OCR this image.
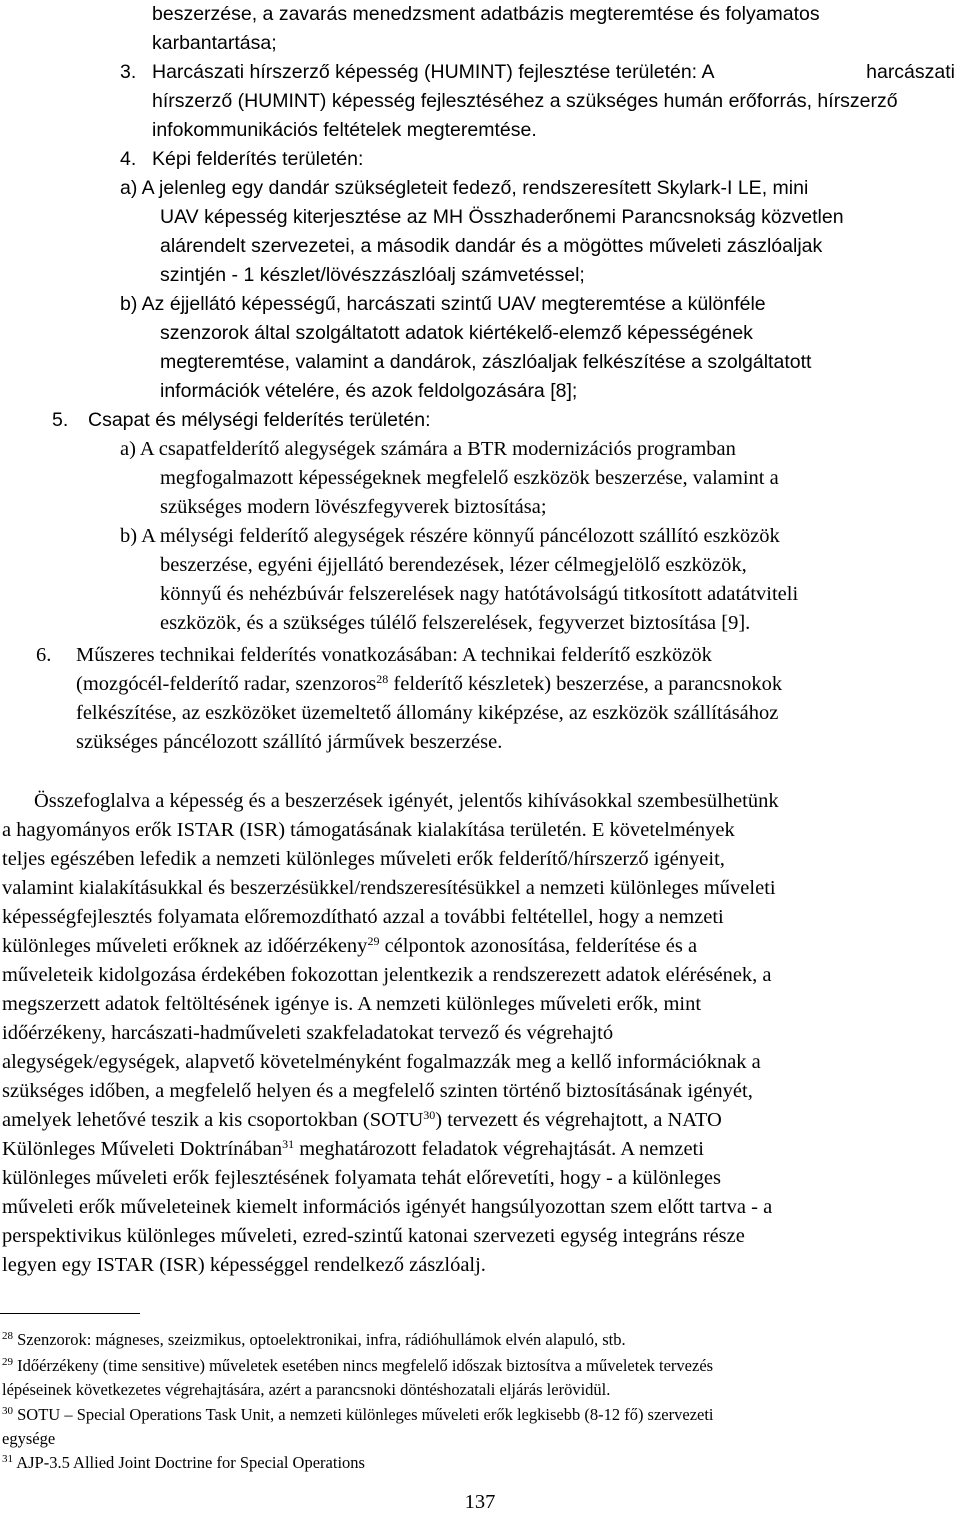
beszerzése, a zavarás menedzsment adatbázis megteremtése és folyamatos
karbantartása;
3. Harcászati hírszerző képesség (HUMINT) fejlesztése területén: A	harcászati
hírszerző (HUMINT) képesség fejlesztéséhez a szükséges humán erőforrás, hírszerző
infokommunikációs feltételek megteremtése.
4. Képi felderítés területén:
a) A jelenleg egy dandár szükségleteit fedező, rendszeresített Skylark-I LE, mini
UAV képesség kiterjesztése az MH Összhaderőnemi Parancsnokság közvetlen
alárendelt szervezetei, a második dandár és a mögöttes műveleti zászlóaljak
szintjén - 1 készlet/lövészzászlóalj számvetéssel;
b) Az éjjellátó képességű, harcászati szintű UAV megteremtése a különféle
szenzorok által szolgáltatott adatok kiértékelő-elemző képességének
megteremtése, valamint a dandárok, zászlóaljak felkészítése a szolgáltatott
információk vételére, és azok feldolgozására [8];
5. Csapat és mélységi felderítés területén:
a) A csapatfelderítő alegységek számára a BTR modernizációs programban
megfogalmazott képességeknek megfelelő eszközök beszerzése, valamint a
szükséges modern lövészfegyverek biztosítása;
b) A mélységi felderítő alegységek részére könnyű páncélozott szállító eszközök
beszerzése, egyéni éjjellátó berendezések, lézer célmegjelölő eszközök,
könnyű és nehézbúvár felszerelések nagy hatótávolságú titkosított adatátviteli
eszközök, és a szükséges túlélő felszerelések, fegyverzet biztosítása [9].
6. Műszeres technikai felderítés vonatkozásában: A technikai felderítő eszközök
(mozgócél-felderítő radar, szenzoros$^{28}$ felderítő készletek) beszerzése, a parancsnokok
felkészítése, az eszközöket üzemeltető állomány kiképzése, az eszközök szállításához
szükséges páncélozott szállító járművek beszerzése.
Összefoglalva a képesség és a beszerzések igényét, jelentős kihívásokkal szembesülhetünk
a hagyományos erők ISTAR (ISR) támogatásának kialakítása területén. E követelmények
teljes egészében lefedik a nemzeti különleges műveleti erők felderítő/hírszerző igényeit,
valamint kialakításukkal és beszerzésükkel/rendszeresítésükkel a nemzeti különleges műveleti
képességfejlesztés folyamata előremozdítható azzal a további feltétellel, hogy a nemzeti
különleges műveleti erőknek az időérzékeny$^{29}$ célpontok azonosítása, felderítése és a
műveleteik kidolgozása érdekében fokozottan jelentkezik a rendszerezett adatok elérésének, a
megszerzett adatok feltöltésének igénye is. A nemzeti különleges műveleti erők, mint
időérzékeny, harcászati-hadműveleti szakfeladatokat tervező és végrehajtó
alegységek/egységek, alapvető követelményként fogalmazzák meg a kellő információknak a
szükséges időben, a megfelelő helyen és a megfelelő szinten történő biztosításának igényét,
amelyek lehetővé teszik a kis csoportokban (SOTU$^{30}$) tervezett és végrehajtott, a NATO
Különleges Műveleti Doktrínában$^{31}$ meghatározott feladatok végrehajtását. A nemzeti
különleges műveleti erők fejlesztésének folyamata tehát előrevetíti, hogy - a különleges
műveleti erők műveleteinek kiemelt információs igényét hangsúlyozottan szem előtt tartva - a
perspektivikus különleges műveleti, ezred-szintű katonai szervezeti egység integráns része
legyen egy ISTAR (ISR) képességgel rendelkező zászlóalj.
$^{28}$ Szenzorok: mágneses, szeizmikus, optoelektronikai, infra, rádióhullámok elvén alapuló, stb.
$^{29}$ Időérzékeny (time sensitive) műveletek esetében nincs megfelelő időszak biztosítva a műveletek tervezés
lépéseinek következetes végrehajtására, azért a parancsnoki döntéshozatali eljárás lerövidül.
$^{30}$ SOTU – Special Operations Task Unit, a nemzeti különleges műveleti erők legkisebb (8-12 fő) szervezeti
egysége
$^{31}$ AJP-3.5 Allied Joint Doctrine for Special Operations
137
